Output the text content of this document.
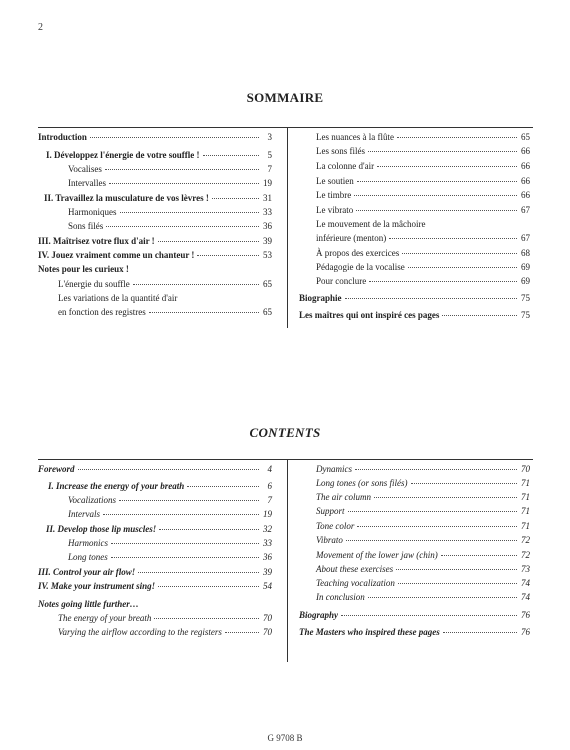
2
SOMMAIRE
Introduction	3
I. Développez l'énergie de votre souffle !	5
Vocalises	7
Intervalles	19
II. Travaillez la musculature de vos lèvres !	31
Harmoniques	33
Sons filés	36
III. Maîtrisez votre flux d'air !	39
IV. Jouez vraiment comme un chanteur !	53
Notes pour les curieux !
L'énergie du souffle	65
Les variations de la quantité d'air
en fonction des registres	65
Les nuances à la flûte	65
Les sons filés	66
La colonne d'air	66
Le soutien	66
Le timbre	66
Le vibrato	67
Le mouvement de la mâchoire
inférieure (menton)	67
À propos des exercices	68
Pédagogie de la vocalise	69
Pour conclure	69
Biographie	75
Les maîtres qui ont inspiré ces pages	75
CONTENTS
Foreword	4
I. Increase the energy of your breath	6
Vocalizations	7
Intervals	19
II. Develop those lip muscles!	32
Harmonics	33
Long tones	36
III. Control your air flow!	39
IV. Make your instrument sing!	54
Notes going little further…
The energy of your breath	70
Varying the airflow according to the registers	70
Dynamics	70
Long tones (or sons filés)	71
The air column	71
Support	71
Tone color	71
Vibrato	72
Movement of the lower jaw (chin)	72
About these exercises	73
Teaching vocalization	74
In conclusion	74
Biography	76
The Masters who inspired these pages	76
G 9708 B
